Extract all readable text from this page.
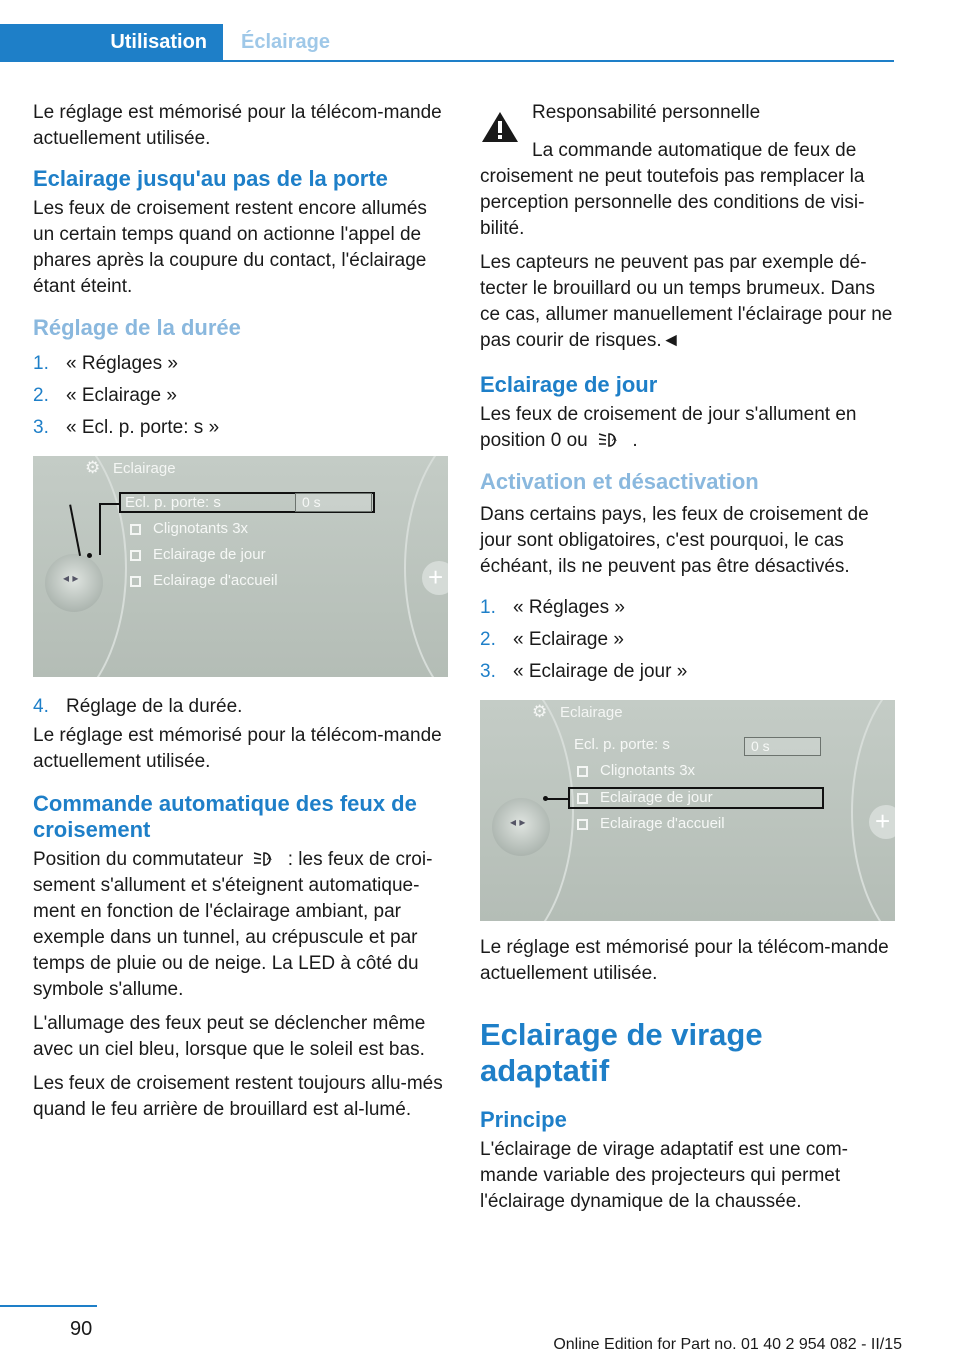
Utilisation	Éclairage

Le réglage est mémorisé pour la télécom-mande actuellement utilisée.

Eclairage jusqu'au pas de la porte

Les feux de croisement restent encore allumés un certain temps quand on actionne l'appel de phares après la coupure du contact, l'éclairage étant éteint.

Réglage de la durée
1. « Réglages »
2. « Eclairage »
3. « Ecl. p. porte: s »
⚙ Eclairage
Ecl. p. porte: s	0 s
Clignotants 3x
Eclairage de jour
Eclairage d'accueil
◂ ▸	+
4. Réglage de la durée.

Le réglage est mémorisé pour la télécom-mande actuellement utilisée.

Commande automatique des feux de croisement

Position du commutateur	A : les feux de croi-sement s'allument et s'éteignent automatique-ment en fonction de l'éclairage ambiant, par exemple dans un tunnel, au crépuscule et par temps de pluie ou de neige. La LED à côté du symbole s'allume.

L'allumage des feux peut se déclencher même avec un ciel bleu, lorsque que le soleil est bas.

Les feux de croisement restent toujours allu-més quand le feu arrière de brouillard est al-lumé.

Responsabilité personnelle

La commande automatique de feux de croisement ne peut toutefois pas remplacer la perception personnelle des conditions de visi-bilité.

Les capteurs ne peuvent pas par exemple dé-tecter le brouillard ou un temps brumeux. Dans ce cas, allumer manuellement l'éclairage pour ne pas courir de risques.◄

Eclairage de jour

Les feux de croisement de jour s'allument en position 0 ou	A .

Activation et désactivation

Dans certains pays, les feux de croisement de jour sont obligatoires, c'est pourquoi, le cas échéant, ils ne peuvent pas être désactivés.

1. « Réglages »
2. « Eclairage »
3. « Eclairage de jour »
⚙ Eclairage
Ecl. p. porte: s	0 s
Clignotants 3x
Eclairage de jour
Eclairage d'accueil
◂ ▸	+

Le réglage est mémorisé pour la télécom-mande actuellement utilisée.

Eclairage de virage adaptatif
Principe

L'éclairage de virage adaptatif est une com-mande variable des projecteurs qui permet l'éclairage dynamique de la chaussée.

90
Online Edition for Part no. 01 40 2 954 082 - II/15
